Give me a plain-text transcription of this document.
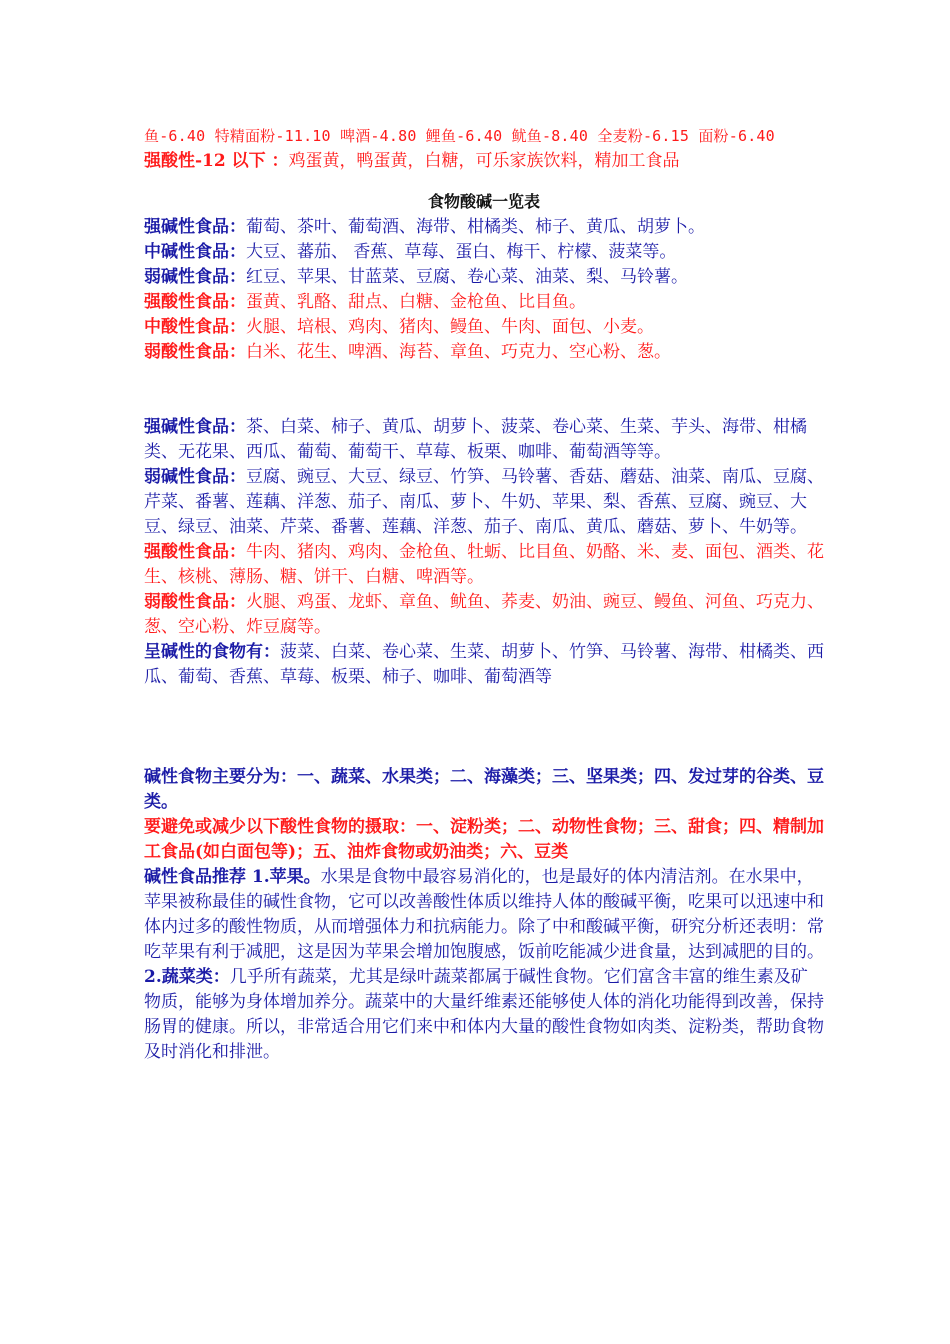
鱼-6.40 特精面粉-11.10 啤酒-4.80 鲤鱼-6.40 鱿鱼-8.40 全麦粉-6.15 面粉-6.40

强酸性-12 以下 ：鸡蛋黄，鸭蛋黄，白糖，可乐家族饮料，精加工食品

食物酸碱一览表

强碱性食品：葡萄、茶叶、葡萄酒、海带、柑橘类、柿子、黄瓜、胡萝卜。

中碱性食品：大豆、蕃茄、 香蕉、草莓、蛋白、梅干、柠檬、菠菜等。

弱碱性食品：红豆、苹果、甘蓝菜、豆腐、卷心菜、油菜、梨、马铃薯。

强酸性食品：蛋黄、乳酪、甜点、白糖、金枪鱼、比目鱼。

中酸性食品：火腿、培根、鸡肉、猪肉、鳗鱼、牛肉、面包、小麦。

弱酸性食品：白米、花生、啤酒、海苔、章鱼、巧克力、空心粉、葱。

强碱性食品：茶、白菜、柿子、黄瓜、胡萝卜、菠菜、卷心菜、生菜、芋头、海带、柑橘类、无花果、西瓜、葡萄、葡萄干、草莓、板栗、咖啡、葡萄酒等等。

弱碱性食品：豆腐、豌豆、大豆、绿豆、竹笋、马铃薯、香菇、蘑菇、油菜、南瓜、豆腐、芹菜、番薯、莲藕、洋葱、茄子、南瓜、萝卜、牛奶、苹果、梨、香蕉、豆腐、豌豆、大豆、绿豆、油菜、芹菜、番薯、莲藕、洋葱、茄子、南瓜、黄瓜、蘑菇、萝卜、牛奶等。

强酸性食品：牛肉、猪肉、鸡肉、金枪鱼、牡蛎、比目鱼、奶酪、米、麦、面包、酒类、花生、核桃、薄肠、糖、饼干、白糖、啤酒等。

弱酸性食品：火腿、鸡蛋、龙虾、章鱼、鱿鱼、荞麦、奶油、豌豆、鳗鱼、河鱼、巧克力、葱、空心粉、炸豆腐等。

呈碱性的食物有：菠菜、白菜、卷心菜、生菜、胡萝卜、竹笋、马铃薯、海带、柑橘类、西瓜、葡萄、香蕉、草莓、板栗、柿子、咖啡、葡萄酒等

碱性食物主要分为：一、蔬菜、水果类；二、海藻类；三、坚果类；四、发过芽的谷类、豆类。

要避免或减少以下酸性食物的摄取：一、淀粉类；二、动物性食物；三、甜食；四、精制加工食品(如白面包等)；五、油炸食物或奶油类；六、豆类

碱性食品推荐 1.苹果。水果是食物中最容易消化的，也是最好的体内清洁剂。在水果中，苹果被称最佳的碱性食物，它可以改善酸性体质以维持人体的酸碱平衡，吃果可以迅速中和体内过多的酸性物质，从而增强体力和抗病能力。除了中和酸碱平衡，研究分析还表明：常吃苹果有利于减肥，这是因为苹果会增加饱腹感，饭前吃能减少进食量，达到减肥的目的。

2.蔬菜类：几乎所有蔬菜，尤其是绿叶蔬菜都属于碱性食物。它们富含丰富的维生素及矿物质，能够为身体增加养分。蔬菜中的大量纤维素还能够使人体的消化功能得到改善，保持肠胃的健康。所以，非常适合用它们来中和体内大量的酸性食物如肉类、淀粉类，帮助食物及时消化和排泄。
